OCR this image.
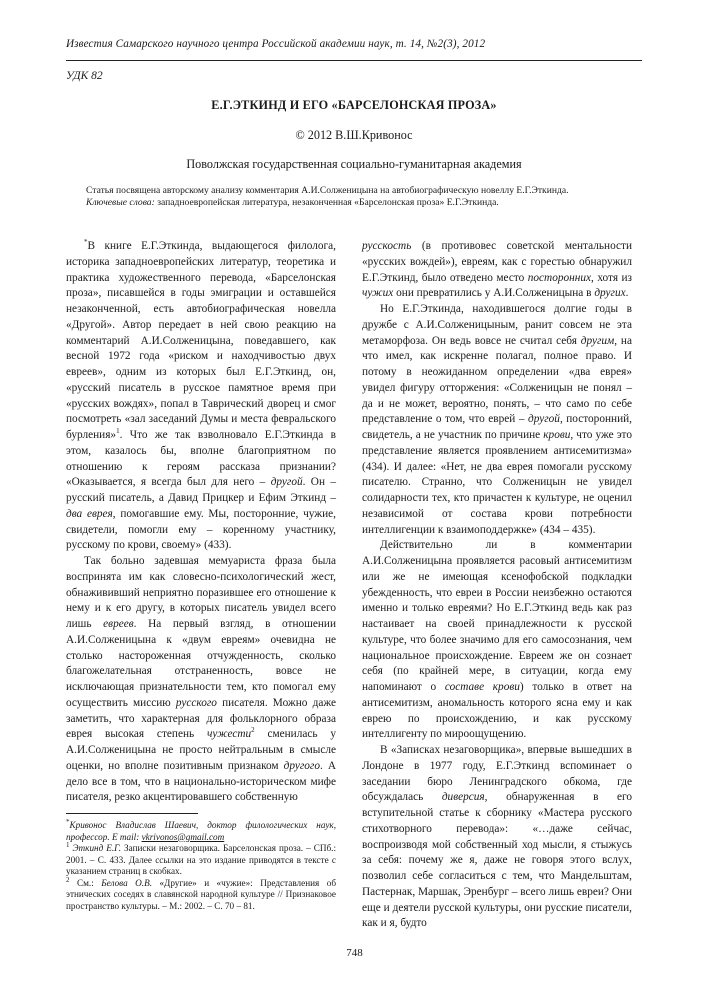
Известия Самарского научного центра Российской академии наук, т. 14, №2(3), 2012
УДК 82
Е.Г.ЭТКИНД И ЕГО «БАРСЕЛОНСКАЯ ПРОЗА»
© 2012 В.Ш.Кривонос
Поволжская государственная социально-гуманитарная академия

Статья посвящена авторскому анализу комментария А.И.Солженицына на автобиографическую новеллу Е.Г.Эткинда.

Ключевые слова: западноевропейская литература, незаконченная «Барселонская проза» Е.Г.Эткинда.

*В книге Е.Г.Эткинда, выдающегося филолога, историка западноевропейских литератур, теоретика и практика художественного перевода, «Барселонская проза», писавшейся в годы эмиграции и оставшейся незаконченной, есть автобиографическая новелла «Другой». Автор передает в ней свою реакцию на комментарий А.И.Солженицына, поведавшего, как весной 1972 года «риском и находчивостью двух евреев», одним из которых был Е.Г.Эткинд, он, «русский писатель в русское памятное время при «русских вождях», попал в Таврический дворец и смог посмотреть «зал заседаний Думы и места февральского бурления»$^1$. Что же так взволновало Е.Г.Эткинда в этом, казалось бы, вполне благоприятном по отношению к героям рассказа признании? «Оказывается, я всегда был для него – другой. Он – русский писатель, а Давид Прицкер и Ефим Эткинд – два еврея, помогавшие ему. Мы, посторонние, чужие, свидетели, помогли ему – коренному участнику, русскому по крови, своему» (433).

Так больно задевшая мемуариста фраза была воспринята им как словесно-психологический жест, обнажививший неприятно поразившее его отношение к нему и к его другу, в которых писатель увидел всего лишь евреев. На первый взгляд, в отношении А.И.Солженицына к «двум евреям» очевидна не столько настороженная отчужденность, сколько благожелательная отстраненность, вовсе не исключающая признательности тем, кто помогал ему осуществить миссию русского писателя. Можно даже заметить, что характерная для фольклорного образа еврея высокая степень чужести$^2$ сменилась у А.И.Солженицына не просто нейтральным в смысле оценки, но вполне позитивным признаком другого. А дело все в том, что в национально-историческом мифе писателя, резко акцентировавшего собственную

русскость (в противовес советской ментальности «русских вождей»), евреям, как с горестью обнаружил Е.Г.Эткинд, было отведено место посторонних, хотя из чужих они превратились у А.И.Солженицына в других.

Но Е.Г.Эткинда, находившегося долгие годы в дружбе с А.И.Солженицыным, ранит совсем не эта метаморфоза. Он ведь вовсе не считал себя другим, на что имел, как искренне полагал, полное право. И потому в неожиданном определении «два еврея» увидел фигуру отторжения: «Солженицын не понял – да и не может, вероятно, понять, – что само по себе представление о том, что еврей – другой, посторонний, свидетель, а не участник по причине крови, что уже это представление является проявлением антисемитизма» (434). И далее: «Нет, не два еврея помогали русскому писателю. Странно, что Солженицын не увидел солидарности тех, кто причастен к культуре, не оценил независимой от состава крови потребности интеллигенции к взаимоподдержке» (434 – 435).

Действительно ли в комментарии А.И.Солженицына проявляется расовый антисемитизм или же не имеющая ксенофобской подкладки убежденность, что евреи в России неизбежно остаются именно и только евреями? Но Е.Г.Эткинд ведь как раз настаивает на своей принадлежности к русской культуре, что более значимо для его самосознания, чем национальное происхождение. Евреем же он сознает себя (по крайней мере, в ситуации, когда ему напоминают о составе крови) только в ответ на антисемитизм, аномальность которого ясна ему и как еврею по происхождению, и как русскому интеллигенту по мироощущению.

В «Записках незаговорщика», впервые вышедших в Лондоне в 1977 году, Е.Г.Эткинд вспоминает о заседании бюро Ленинградского обкома, где обсуждалась диверсия, обнаруженная в его вступительной статье к сборнику «Мастера русского стихотворного перевода»: «…даже сейчас, воспроизводя мой собственный ход мысли, я стыжусь за себя: почему же я, даже не говоря этого вслух, позволил себе согласиться с тем, что Мандельштам, Пастернак, Маршак, Эренбург – всего лишь евреи? Они еще и деятели русской культуры, они русские писатели, как и я, будто

*Кривонос Владислав Шаевич, доктор филологических наук, профессор. E mail: vkrivonos@gmail.com

$^1$ Эткинд Е.Г. Записки незаговорщика. Барселонская проза. – СПб.: 2001. – С. 433. Далее ссылки на это издание приводятся в тексте с указанием страниц в скобках.

$^2$ См.: Белова О.В. «Другие» и «чужие»: Представления об этнических соседях в славянской народной культуре // Признаковое пространство культуры. – М.: 2002. – С. 70 – 81.

748
